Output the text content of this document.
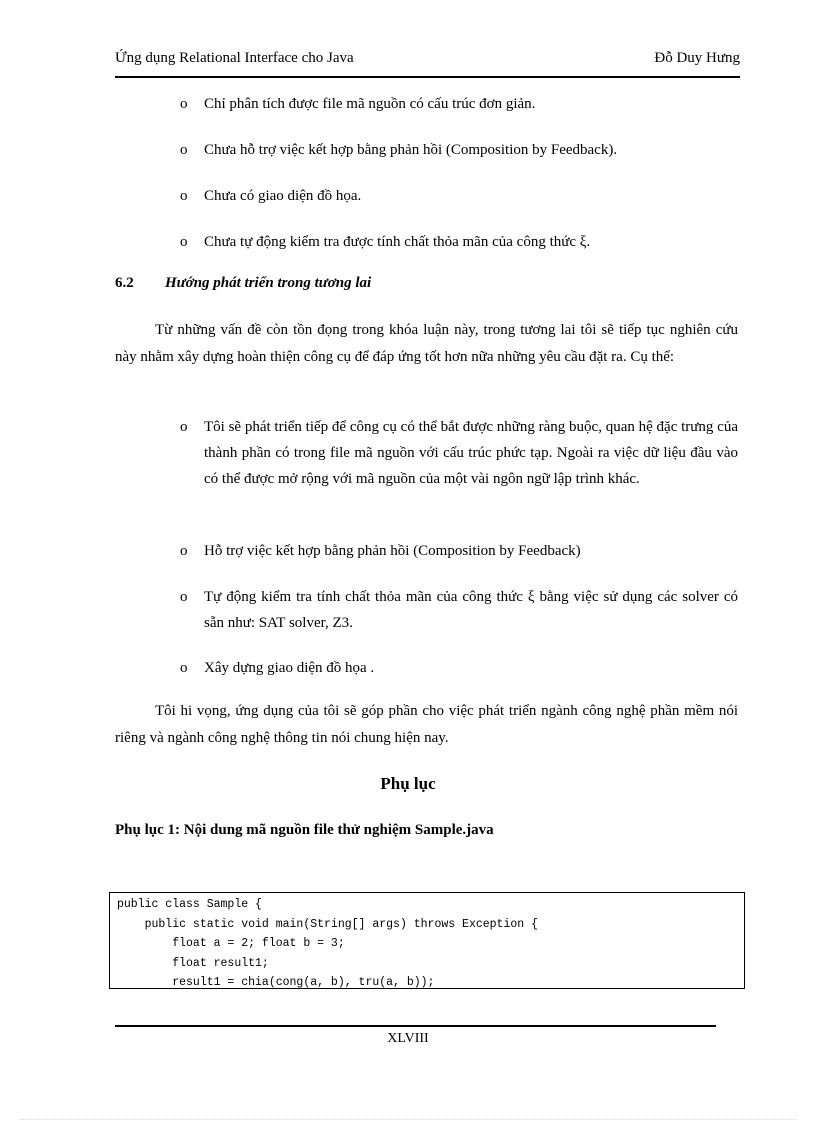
Ứng dụng Relational Interface cho Java	Đỗ Duy Hưng
o Chỉ phân tích được file mã nguồn có cấu trúc đơn giản.
o Chưa hỗ trợ việc kết hợp bằng phản hồi (Composition by Feedback).
o Chưa có giao diện đồ họa.
o Chưa tự động kiểm tra được tính chất thỏa mãn của công thức ξ.
6.2 Hướng phát triển trong tương lai
Từ những vấn đề còn tồn đọng trong khóa luận này, trong tương lai tôi sẽ tiếp tục nghiên cứu này nhằm xây dựng hoàn thiện công cụ để đáp ứng tốt hơn nữa những yêu cầu đặt ra. Cụ thể:
o Tôi sẽ phát triển tiếp để công cụ có thể bắt được những ràng buộc, quan hệ đặc trưng của thành phần có trong file mã nguồn với cấu trúc phức tạp. Ngoài ra việc dữ liệu đầu vào có thể được mở rộng với mã nguồn của một vài ngôn ngữ lập trình khác.
o Hỗ trợ việc kết hợp bằng phản hồi (Composition by Feedback)
o Tự động kiểm tra tính chất thỏa mãn của công thức ξ bằng việc sử dụng các solver có sẵn như: SAT solver, Z3.
o Xây dựng giao diện đồ họa .
Tôi hi vọng, ứng dụng của tôi sẽ góp phần cho việc phát triển ngành công nghệ phần mềm nói riêng và ngành công nghệ thông tin nói chung hiện nay.
Phụ lục
Phụ lục 1: Nội dung mã nguồn file thử nghiệm Sample.java
public class Sample {
public static void main(String[] args) throws Exception {
float a = 2; float b = 3;
float result1;
result1 = chia(cong(a, b), tru(a, b));
XLVIII
